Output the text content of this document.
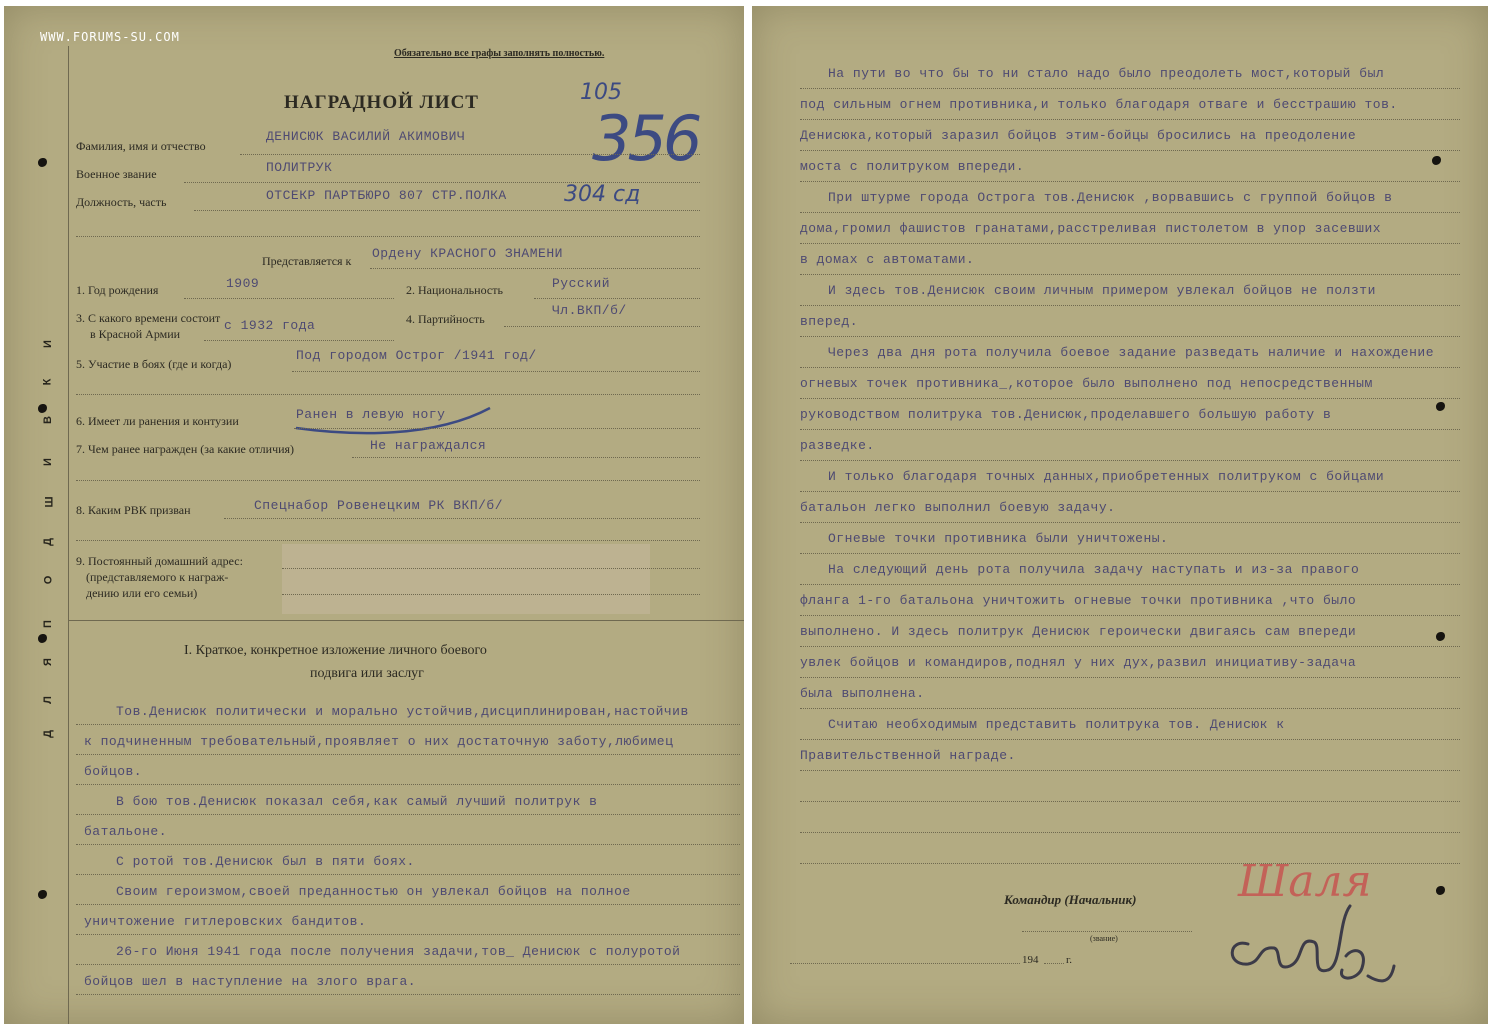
WWW.FORUMS-SU.COM
Д
Л
Я
П
О
Д
Ш
И
В
К
И
Обязательно все графы заполнять полностью.
НАГРАДНОЙ ЛИСТ	105
356
Фамилия, имя и отчество
ДЕНИСЮК ВАСИЛИЙ АКИМОВИЧ
Военное звание	ПОЛИТРУК
Должность, часть	ОТСЕКР ПАРТБЮРО 807 СТР.ПОЛКА	304 сд
Представляется к Ордену КРАСНОГО ЗНАМЕНИ
1. Год рождения	1909	2. Национальность	Русский
3. С какого времени состоит
в Красной Армии
с 1932 года	4. Партийность
Чл.ВКП/б/
5. Участие в боях (где и когда)
Под городом Острог /1941 год/
6. Имеет ли ранения и контузии	Ранен в левую ногу
7. Чем ранее награжден (за какие отличия)	Не награждался
8. Каким РВК призван	Спецнабор Ровенецким РК ВКП/б/
9. Постоянный домашний адрес:
(представляемого к награж-
дению или его семьи)
I. Краткое, конкретное изложение личного боевого
подвига или заслуг
Тов.Денисюк политически и морально устойчив,дисциплинирован,настойчив
к подчиненным требовательный,проявляет о них достаточную заботу,любимец
бойцов.
В бою тов.Денисюк показал себя,как самый лучший политрук в
батальоне.
С ротой тов.Денисюк был в пяти боях.
Своим героизмом,своей преданностью он увлекал бойцов на полное
уничтожение гитлеровских бандитов.
26-го Июня 1941 года после получения задачи,тов_ Денисюк с полуротой
бойцов шел в наступление на злого врага.
На пути во что бы то ни стало надо было преодолеть мост,который был
под сильным огнем противника,и только благодаря отваге и бесстрашию тов.
Денисюка,который заразил бойцов этим-бойцы бросились на преодоление
моста с политруком впереди.
При штурме города Острога тов.Денисюк ,ворвавшись с группой бойцов в
дома,громил фашистов гранатами,расстреливая пистолетом в упор засевших
в домах с автоматами.
И здесь тов.Денисюк своим личным примером увлекал бойцов не ползти
вперед.
Через два дня рота получила боевое задание разведать наличие и нахождение
огневых точек противника_,которое было выполнено под непосредственным
руководством политрука тов.Денисюк,проделавшего большую работу в
разведке.
И только благодаря точных данных,приобретенных политруком с бойцами
батальон легко выполнил боевую задачу.
Огневые точки противника были уничтожены.
На следующий день рота получила задачу наступать и из-за правого
фланга 1-го батальона уничтожить огневые точки противника ,что было
выполнено. И здесь политрук Денисюк героически двигаясь сам впереди
увлек бойцов и командиров,поднял у них дух,развил инициативу-задача
была выполнена.
Считаю необходимым представить политрука тов. Денисюк к
Правительственной награде.
Командир (Начальник)
(звание)
194	г.
Шаля
